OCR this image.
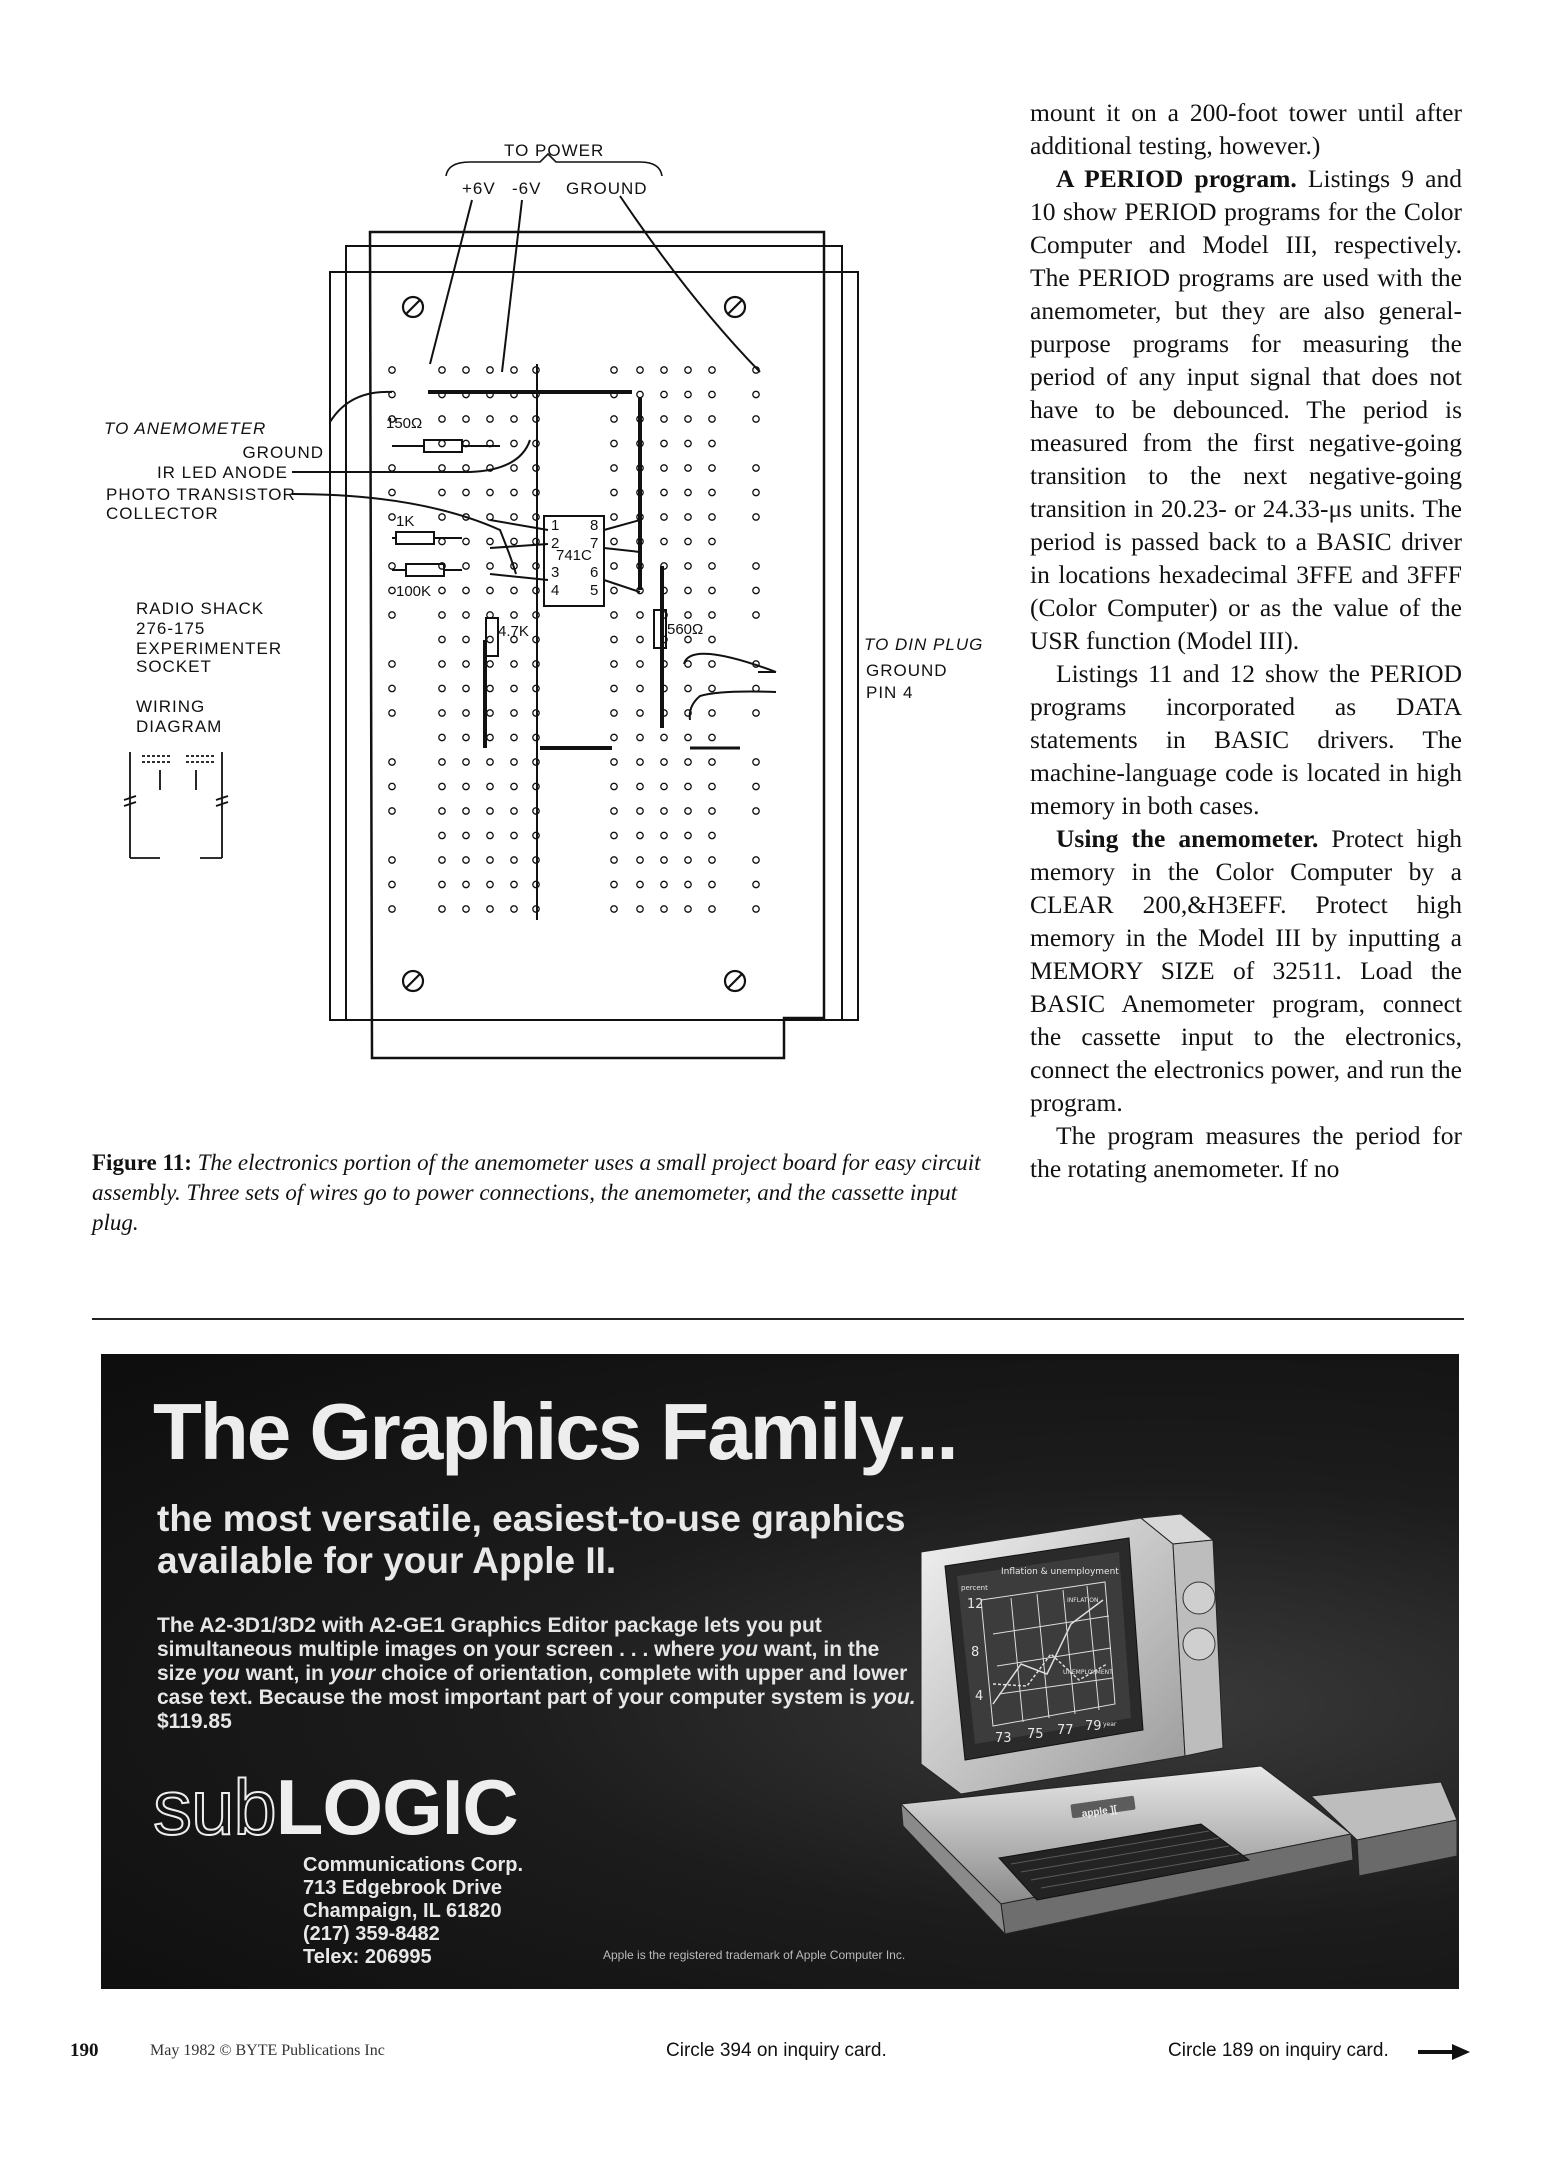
150Ω
1K
100K
4.7K	560Ω
741C
1
2
3
4
8
7
6
5
TO POWER
+6V -6V GROUND
TO ANEMOMETER
GROUND
IR LED ANODE
PHOTO TRANSISTOR
COLLECTOR
RADIO SHACK
276-175
EXPERIMENTER
SOCKET
WIRING
DIAGRAM
TO DIN PLUG
GROUND
PIN 4
Figure 11: The electronics portion of the anemometer uses a small project board for easy circuit assembly. Three sets of wires go to power connections, the anemometer, and the cassette input plug.

mount it on a 200-foot tower until after additional testing, however.)

A PERIOD program. Listings 9 and 10 show PERIOD programs for the Color Computer and Model III, respectively. The PERIOD programs are used with the anemometer, but they are also general-purpose programs for measuring the period of any input signal that does not have to be debounced. The period is measured from the first negative-going transition to the next negative-going transition in 20.23- or 24.33-μs units. The period is passed back to a BASIC driver in locations hexadecimal 3FFE and 3FFF (Color Computer) or as the value of the USR function (Model III).

Listings 11 and 12 show the PERIOD programs incorporated as DATA statements in BASIC drivers. The machine-language code is located in high memory in both cases.

Using the anemometer. Protect high memory in the Color Computer by a CLEAR 200,&H3EFF. Protect high memory in the Model III by inputting a MEMORY SIZE of 32511. Load the BASIC Anemometer program, connect the cassette input to the electronics, connect the electronics power, and run the program.

The program measures the period for the rotating anemometer. If no

The Graphics Family...
the most versatile, easiest-to-use graphics available for your Apple II.
The A2-3D1/3D2 with A2-GE1 Graphics Editor package lets you put simultaneous multiple images on your screen . . . where you want, in the size you want, in your choice of orientation, complete with upper and lower case text. Because the most important part of your computer system is you. $119.85
subLOGIC
Communications Corp.
713 Edgebrook Drive
Champaign, IL 61820
(217) 359-8482
Telex: 206995	Apple is the registered trademark of Apple Computer Inc.
Inflation & unemployment
percent
12
8
4
73 75 77 79 year
INFLATION
UNEMPLOYMENT
apple ][
190	May 1982 © BYTE Publications Inc	Circle 394 on inquiry card.	Circle 189 on inquiry card.
